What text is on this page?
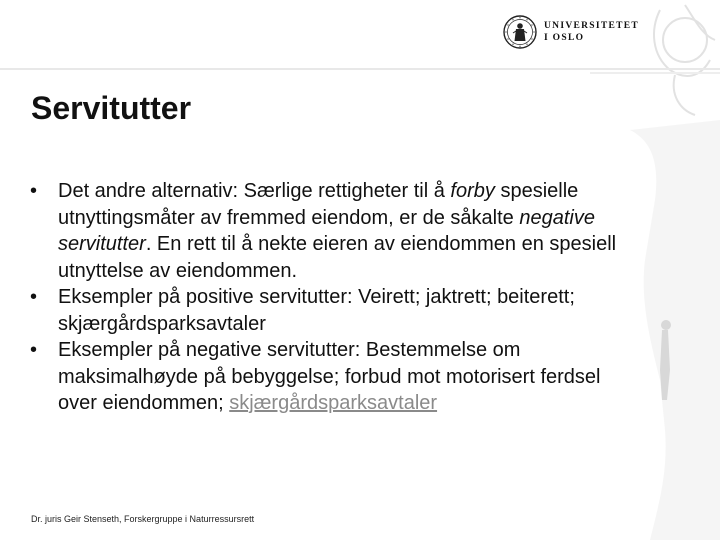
UNIVERSITETET
I OSLO
Servitutter
• Det andre alternativ: Særlige rettigheter til å forby spesielle utnyttingsmåter av fremmed eiendom, er de såkalte negative servitutter. En rett til å nekte eieren av eiendommen en spesiell utnyttelse av eiendommen.
• Eksempler på positive servitutter: Veirett; jaktrett; beiterett; skjærgårdsparksavtaler
• Eksempler på negative servitutter: Bestemmelse om maksimalhøyde på bebyggelse; forbud mot motorisert ferdsel over eiendommen; skjærgårdsparksavtaler
Dr. juris Geir Stenseth, Forskergruppe i Naturressursrett
